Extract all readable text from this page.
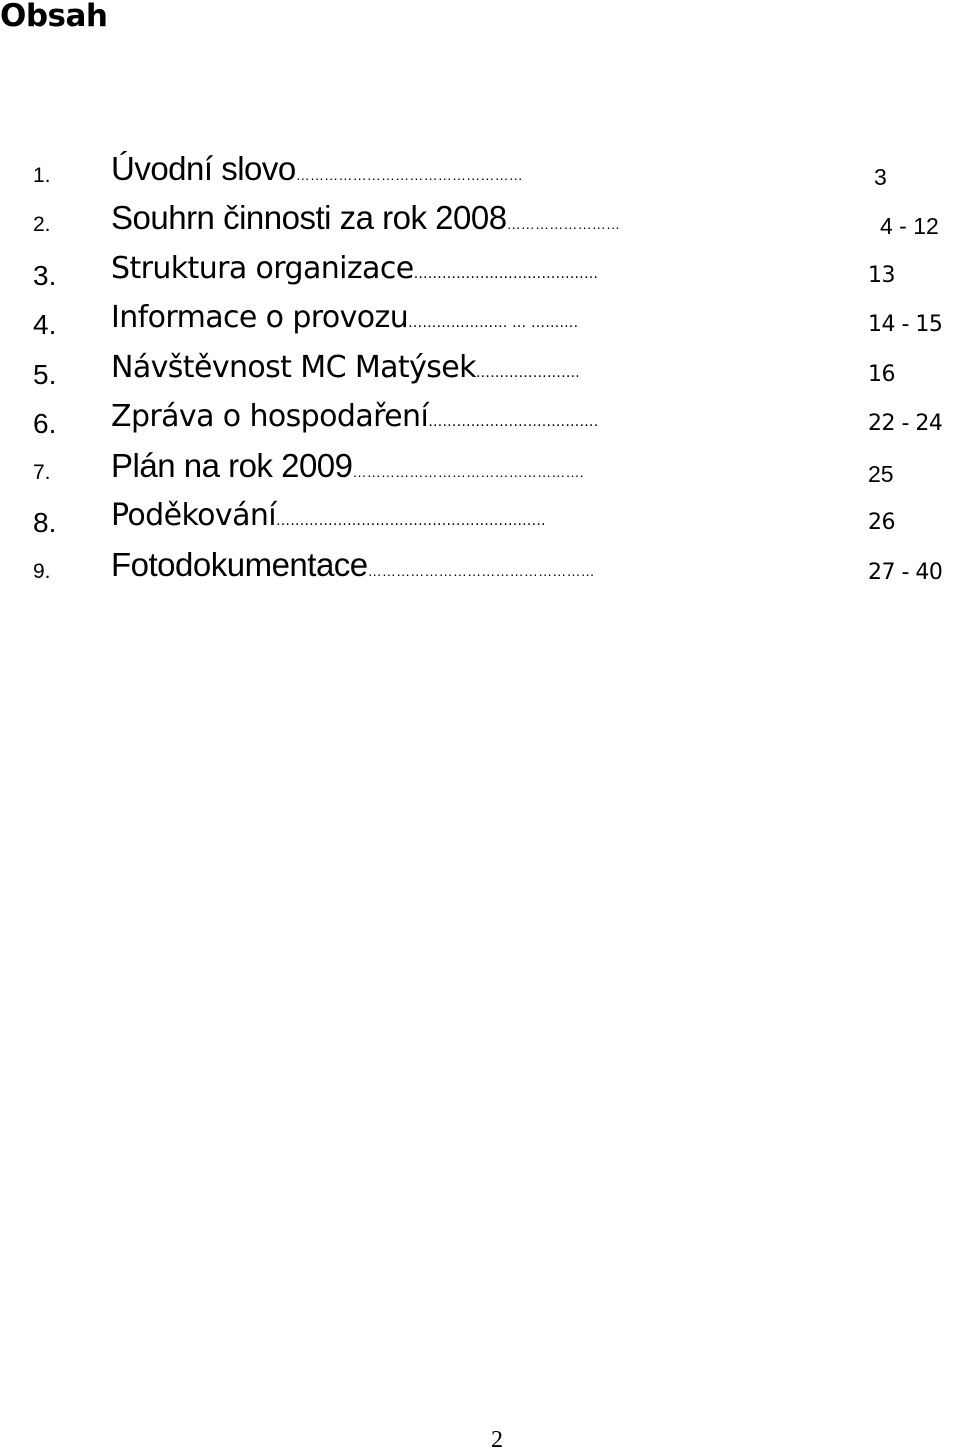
Obsah
1. Úvodní slovo…………………………………………	3
2. Souhrn činnosti za rok 2008……………………	4 - 12
3. Struktura organizace…………………………………	13
4. Informace o provozu………………… … ……….	14 - 15
5. Návštěvnost MC Matýsek………………….	16
6. Zpráva o hospodaření……………………..……….	22 - 24
7. Plán na rok 2009………………………………………….	25
8. Poděkování…………………………………………………	26
9. Fotodokumentace…………………………………………	27 - 40
2
